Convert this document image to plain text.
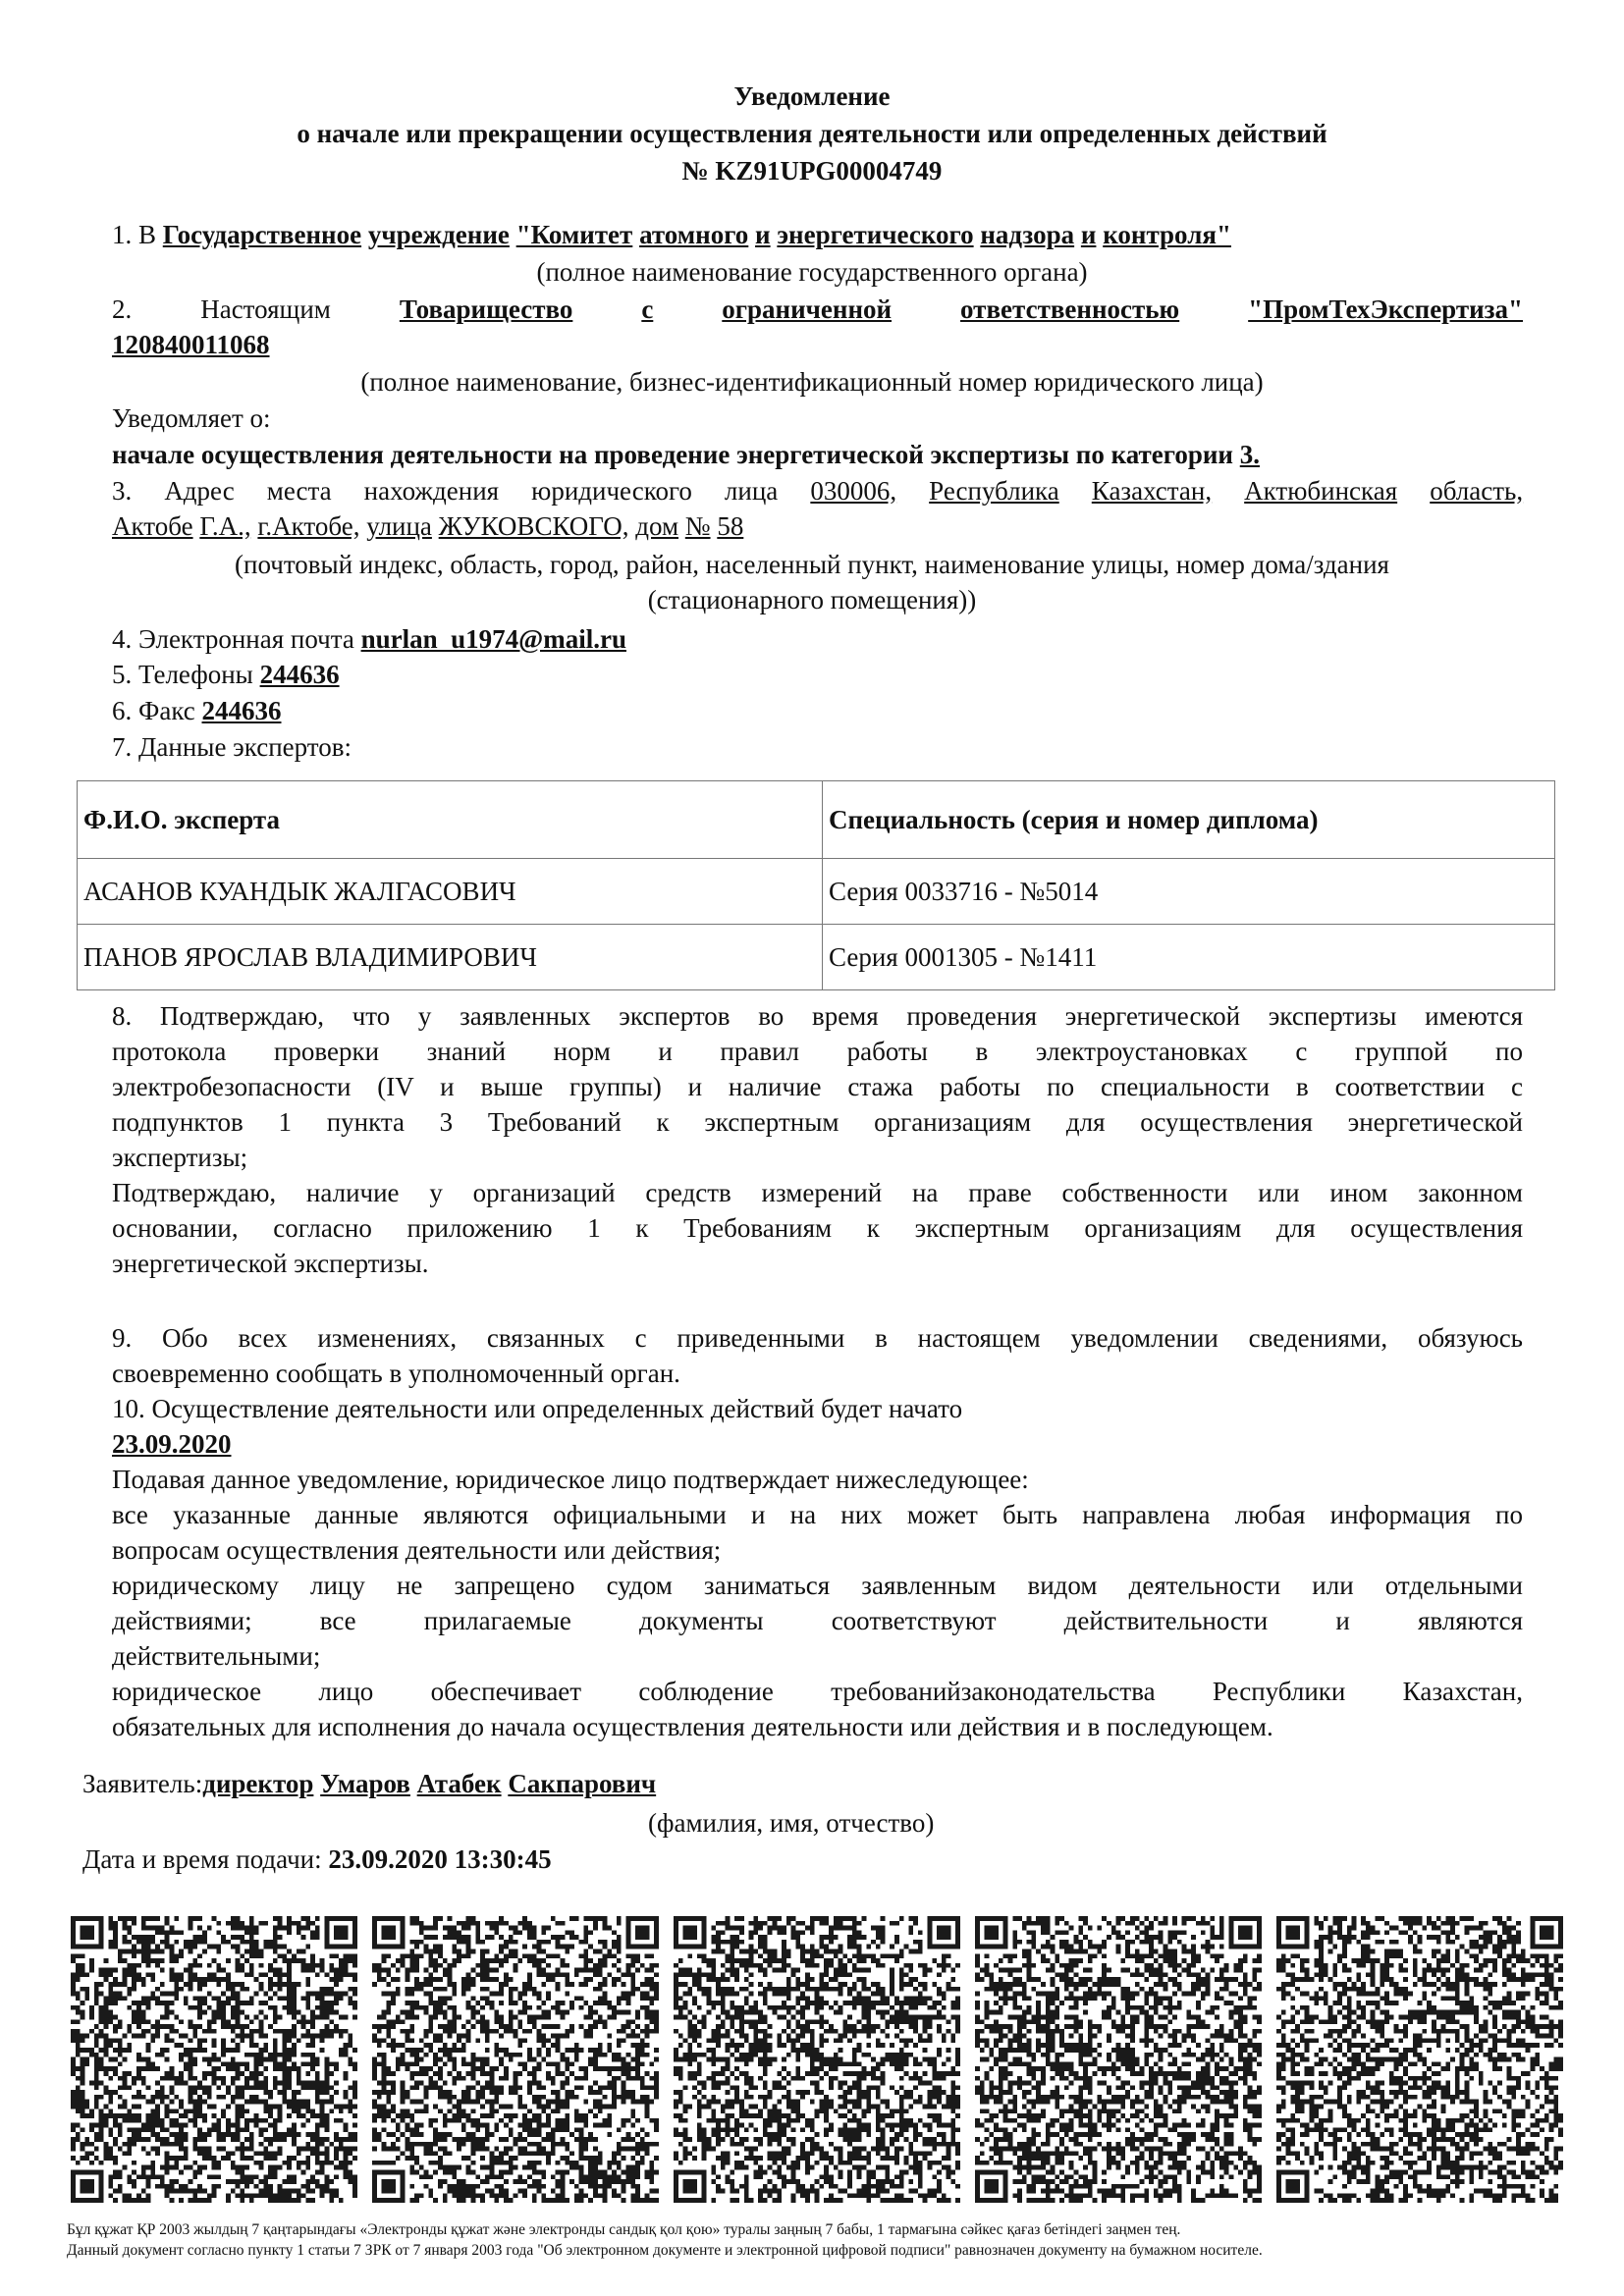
Уведомление
о начале или прекращении осуществления деятельности или определенных действий
№ KZ91UPG00004749
1. В Государственное учреждение "Комитет атомного и энергетического надзора и контроля"
(полное наименование государственного органа)
2.	Настоящим	Товарищество	с	ограниченной	ответственностью	"ПромТехЭкспертиза"
120840011068
(полное наименование, бизнес-идентификационный номер юридического лица)
Уведомляет о:
начале осуществления деятельности на проведение энергетической экспертизы по категории 3.
3. Адрес места нахождения юридического лица 030006, Республика Казахстан, Актюбинская область,
Актобе Г.А., г.Актобе, улица ЖУКОВСКОГО, дом № 58
(почтовый индекс, область, город, район, населенный пункт, наименование улицы, номер дома/здания
(стационарного помещения))
4. Электронная почта nurlan_u1974@mail.ru
5. Телефоны 244636
6. Факс 244636
7. Данные экспертов:
Ф.И.О. эксперта	Специальность (серия и номер диплома)
АСАНОВ КУАНДЫК ЖАЛГАСОВИЧ	Серия 0033716 - №5014
ПАНОВ ЯРОСЛАВ ВЛАДИМИРОВИЧ	Серия 0001305 - №1411
8. Подтверждаю, что у заявленных экспертов во время проведения энергетической экспертизы имеются
протокола проверки знаний норм и правил работы в электроустановках с группой по
электробезопасности (IV и выше группы) и наличие стажа работы по специальности в соответствии с
подпунктов 1 пункта 3 Требований к экспертным организациям для осуществления энергетической
экспертизы;
Подтверждаю, наличие у организаций средств измерений на праве собственности или ином законном
основании, согласно приложению 1 к Требованиям к экспертным организациям для осуществления
энергетической экспертизы.
9. Обо всех изменениях, связанных с приведенными в настоящем уведомлении сведениями, обязуюсь
своевременно сообщать в уполномоченный орган.
10. Осуществление деятельности или определенных действий будет начато
23.09.2020
Подавая данное уведомление, юридическое лицо подтверждает нижеследующее:
все указанные данные являются официальными и на них может быть направлена любая информация по
вопросам осуществления деятельности или действия;
юридическому лицу не запрещено судом заниматься заявленным видом деятельности или отдельными
действиями; все прилагаемые документы соответствуют действительности и являются
действительными;
юридическое лицо обеспечивает соблюдение требованийзаконодательства Республики Казахстан,
обязательных для исполнения до начала осуществления деятельности или действия и в последующем.
Заявитель:директор Умаров Атабек Сакпарович
(фамилия, имя, отчество)
Дата и время подачи: 23.09.2020 13:30:45
Бұл құжат ҚР 2003 жылдың 7 қаңтарындағы «Электронды құжат және электронды сандық қол қою» туралы заңның 7 бабы, 1 тармағына сәйкес қағаз бетіндегі заңмен тең.
Данный документ согласно пункту 1 статьи 7 ЗРК от 7 января 2003 года "Об электронном документе и электронной цифровой подписи" равнозначен документу на бумажном носителе.
